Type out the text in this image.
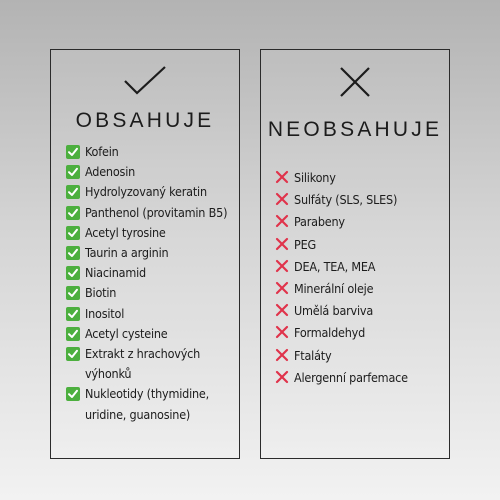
OBSAHUJE
Kofein
Adenosin
Hydrolyzovaný keratin
Panthenol (provitamin B5)
Acetyl tyrosine
Taurin a arginin
Niacinamid
Biotin
Inositol
Acetyl cysteine
Extrakt z hrachových výhonků
Nukleotidy (thymidine, uridine, guanosine)
NEOBSAHUJE
Silikony
Sulfáty (SLS, SLES)
Parabeny
PEG
DEA, TEA, MEA
Minerální oleje
Umělá barviva
Formaldehyd
Ftaláty
Alergenní parfemace
